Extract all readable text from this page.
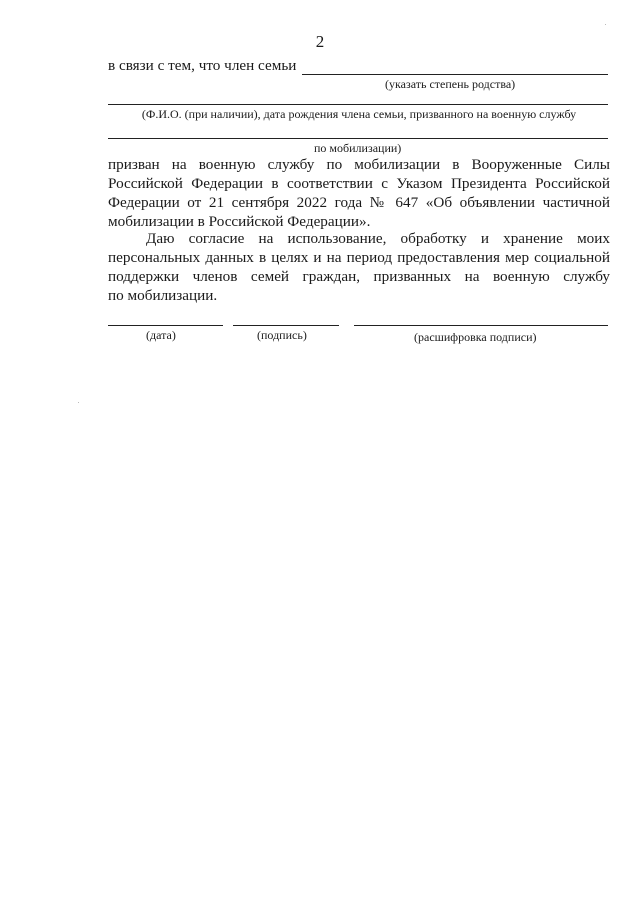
2
в связи с тем, что член семьи
(указать степень родства)
(Ф.И.О. (при наличии), дата рождения члена семьи, призванного на военную службу
по мобилизации)
призван на военную службу по мобилизации в Вооруженные Силы
Российской Федерации в соответствии с Указом Президента Российской
Федерации от 21 сентября 2022 года № 647 «Об объявлении частичной
мобилизации в Российской Федерации».
Даю согласие на использование, обработку и хранение моих
персональных данных в целях и на период предоставления мер социальной
поддержки членов семей граждан, призванных на военную службу
по мобилизации.
(дата)	(подпись)	(расшифровка подписи)
